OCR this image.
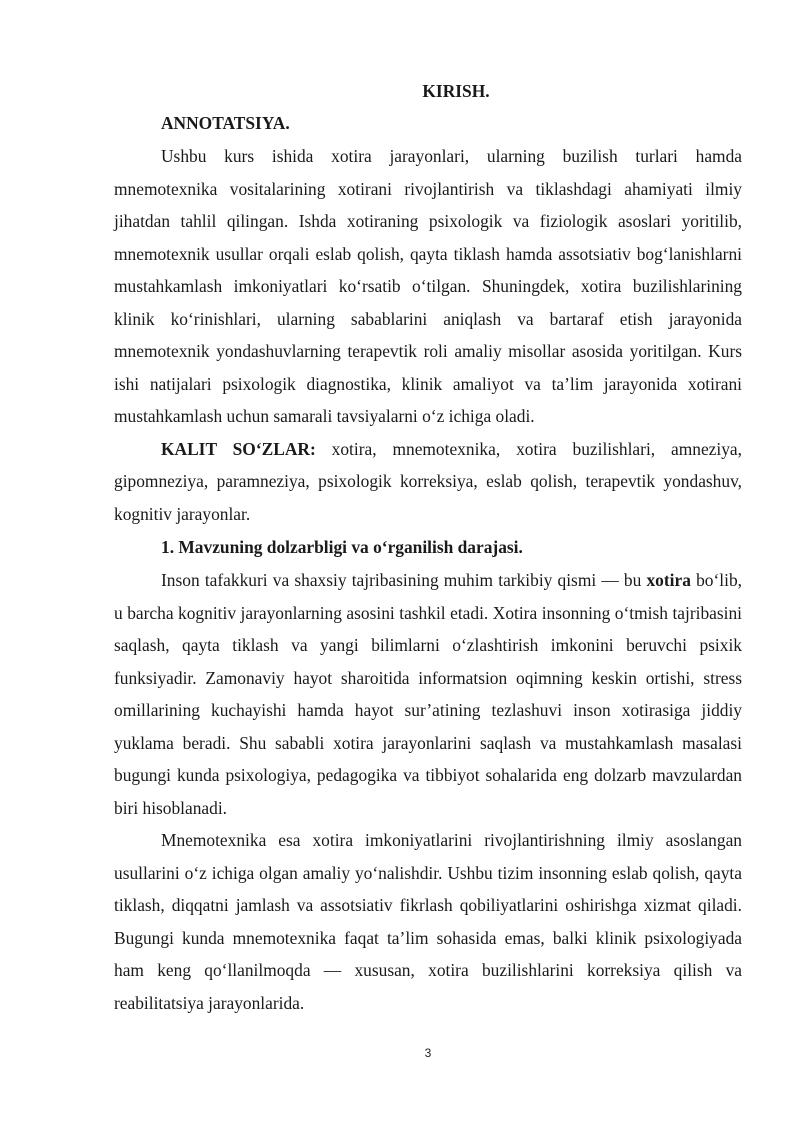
KIRISH.

ANNOTATSIYA.

Ushbu kurs ishida xotira jarayonlari, ularning buzilish turlari hamda mnemotexnika vositalarining xotirani rivojlantirish va tiklashdagi ahamiyati ilmiy jihatdan tahlil qilingan. Ishda xotiraning psixologik va fiziologik asoslari yoritilib, mnemotexnik usullar orqali eslab qolish, qayta tiklash hamda assotsiativ bog‘lanishlarni mustahkamlash imkoniyatlari ko‘rsatib o‘tilgan. Shuningdek, xotira buzilishlarining klinik ko‘rinishlari, ularning sabablarini aniqlash va bartaraf etish jarayonida mnemotexnik yondashuvlarning terapevtik roli amaliy misollar asosida yoritilgan. Kurs ishi natijalari psixologik diagnostika, klinik amaliyot va ta’lim jarayonida xotirani mustahkamlash uchun samarali tavsiyalarni o‘z ichiga oladi.

KALIT SO‘ZLAR: xotira, mnemotexnika, xotira buzilishlari, amneziya, gipomneziya, paramneziya, psixologik korreksiya, eslab qolish, terapevtik yondashuv, kognitiv jarayonlar.

1. Mavzuning dolzarbligi va o‘rganilish darajasi.

Inson tafakkuri va shaxsiy tajribasining muhim tarkibiy qismi — bu xotira bo‘lib, u barcha kognitiv jarayonlarning asosini tashkil etadi. Xotira insonning o‘tmish tajribasini saqlash, qayta tiklash va yangi bilimlarni o‘zlashtirish imkonini beruvchi psixik funksiyadir. Zamonaviy hayot sharoitida informatsion oqimning keskin ortishi, stress omillarining kuchayishi hamda hayot sur’atining tezlashuvi inson xotirasiga jiddiy yuklama beradi. Shu sababli xotira jarayonlarini saqlash va mustahkamlash masalasi bugungi kunda psixologiya, pedagogika va tibbiyot sohalarida eng dolzarb mavzulardan biri hisoblanadi.

Mnemotexnika esa xotira imkoniyatlarini rivojlantirishning ilmiy asoslangan usullarini o‘z ichiga olgan amaliy yo‘nalishdir. Ushbu tizim insonning eslab qolish, qayta tiklash, diqqatni jamlash va assotsiativ fikrlash qobiliyatlarini oshirishga xizmat qiladi. Bugungi kunda mnemotexnika faqat ta’lim sohasida emas, balki klinik psixologiyada ham keng qo‘llanilmoqda — xususan, xotira buzilishlarini korreksiya qilish va reabilitatsiya jarayonlarida.

3
